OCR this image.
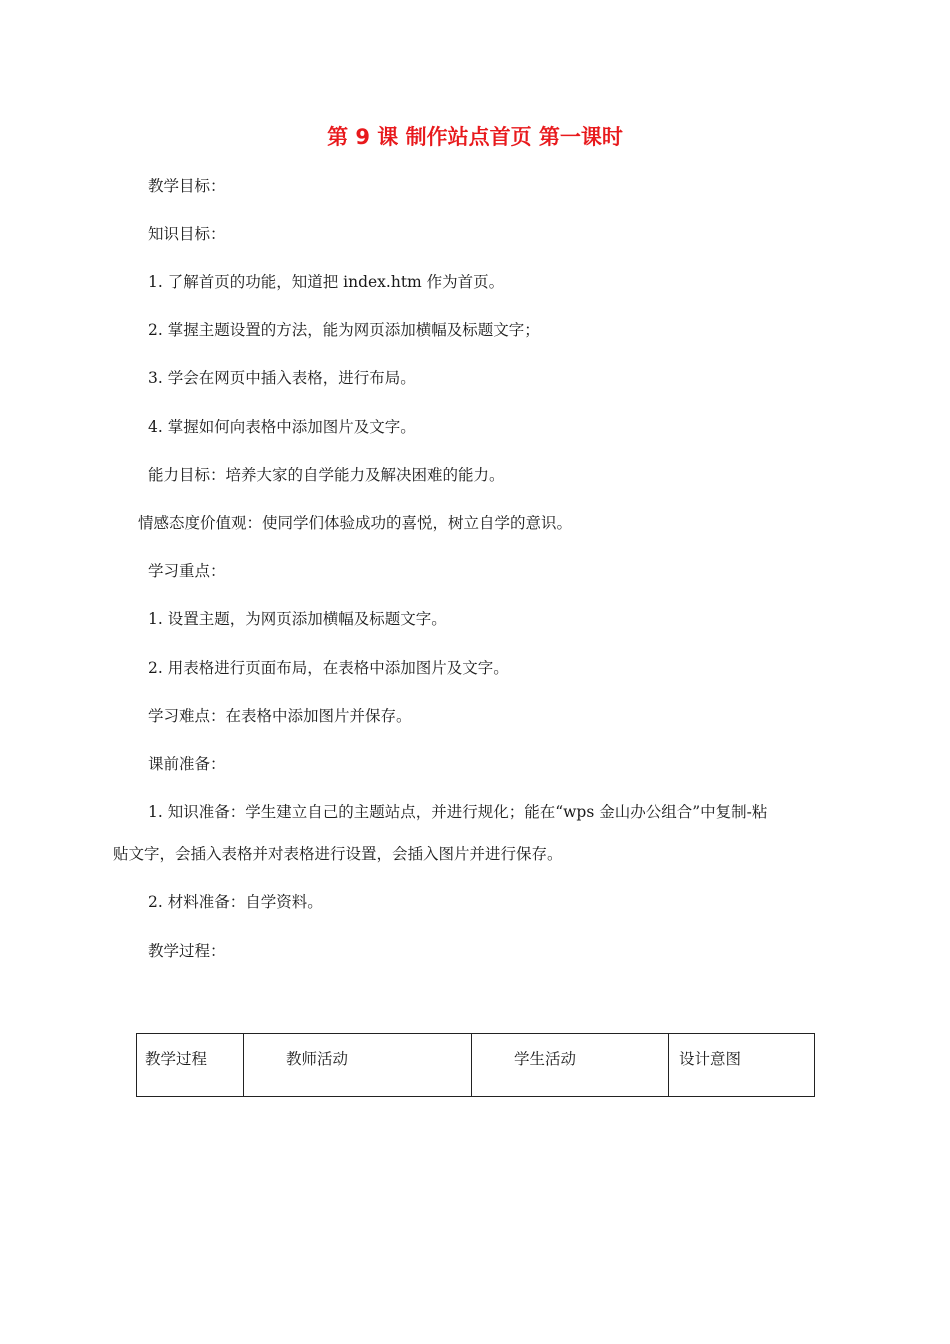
第 9 课 制作站点首页 第一课时
教学目标：
知识目标：
1. 了解首页的功能，知道把 index.htm 作为首页。
2. 掌握主题设置的方法，能为网页添加横幅及标题文字；
3. 学会在网页中插入表格，进行布局。
4. 掌握如何向表格中添加图片及文字。
能力目标：培养大家的自学能力及解决困难的能力。
情感态度价值观：使同学们体验成功的喜悦，树立自学的意识。
学习重点：
1. 设置主题，为网页添加横幅及标题文字。
2. 用表格进行页面布局，在表格中添加图片及文字。
学习难点：在表格中添加图片并保存。
课前准备：
1. 知识准备：学生建立自己的主题站点，并进行规化；能在“wps 金山办公组合”中复制-粘
贴文字，会插入表格并对表格进行设置，会插入图片并进行保存。
2. 材料准备：自学资料。
教学过程：
教学过程	教师活动	学生活动	设计意图
